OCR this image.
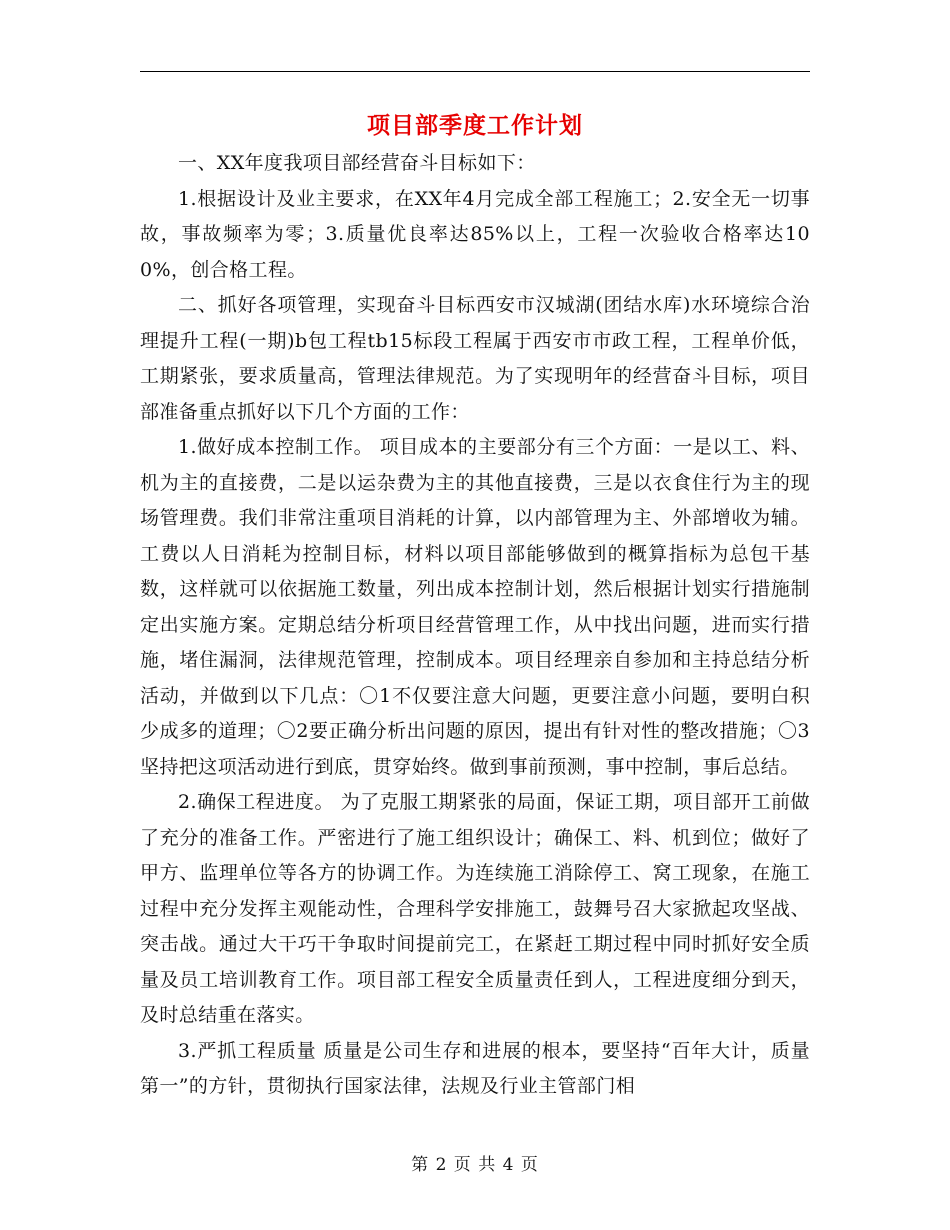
项目部季度工作计划

一、XX年度我项目部经营奋斗目标如下：

1.根据设计及业主要求，在XX年4月完成全部工程施工；2.安全无一切事故，事故频率为零；3.质量优良率达85%以上，工程一次验收合格率达100%，创合格工程。

二、抓好各项管理，实现奋斗目标西安市汉城湖(团结水库)水环境综合治理提升工程(一期)b包工程tb15标段工程属于西安市市政工程，工程单价低，工期紧张，要求质量高，管理法律规范。为了实现明年的经营奋斗目标，项目部准备重点抓好以下几个方面的工作：

1.做好成本控制工作。 项目成本的主要部分有三个方面：一是以工、料、机为主的直接费，二是以运杂费为主的其他直接费，三是以衣食住行为主的现场管理费。我们非常注重项目消耗的计算，以内部管理为主、外部增收为辅。工费以人日消耗为控制目标，材料以项目部能够做到的概算指标为总包干基数，这样就可以依据施工数量，列出成本控制计划，然后根据计划实行措施制定出实施方案。定期总结分析项目经营管理工作，从中找出问题，进而实行措施，堵住漏洞，法律规范管理，控制成本。项目经理亲自参加和主持总结分析活动，并做到以下几点：〇1不仅要注意大问题，更要注意小问题，要明白积少成多的道理；〇2要正确分析出问题的原因，提出有针对性的整改措施；〇3坚持把这项活动进行到底，贯穿始终。做到事前预测，事中控制，事后总结。

2.确保工程进度。 为了克服工期紧张的局面，保证工期，项目部开工前做了充分的准备工作。严密进行了施工组织设计；确保工、料、机到位；做好了甲方、监理单位等各方的协调工作。为连续施工消除停工、窝工现象，在施工过程中充分发挥主观能动性，合理科学安排施工，鼓舞号召大家掀起攻坚战、突击战。通过大干巧干争取时间提前完工，在紧赶工期过程中同时抓好安全质量及员工培训教育工作。项目部工程安全质量责任到人，工程进度细分到天，及时总结重在落实。

3.严抓工程质量 质量是公司生存和进展的根本，要坚持“百年大计，质量第一”的方针，贯彻执行国家法律，法规及行业主管部门相

第 2 页 共 4 页
